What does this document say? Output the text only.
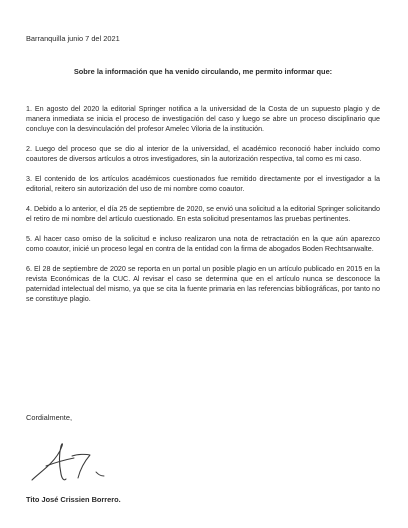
Barranquilla junio 7 del 2021
Sobre la información que ha venido circulando, me permito informar que:

1. En agosto del 2020 la editorial Springer notifica a la universidad de la Costa de un supuesto plagio y de manera inmediata se inicia el proceso de investigación del caso y luego se abre un proceso disciplinario que concluye con la desvinculación del profesor Amelec Viloria de la institución.

2. Luego del proceso que se dio al interior de la universidad, el académico reconoció haber incluido como coautores de diversos artículos a otros investigadores, sin la autorización respectiva, tal como es mi caso.

3. El contenido de los artículos académicos cuestionados fue remitido directamente por el investigador a la editorial, reitero sin autorización del uso de mi nombre como coautor.

4. Debido a lo anterior, el día 25 de septiembre de 2020, se envió una solicitud a la editorial Springer solicitando el retiro de mi nombre del artículo cuestionado. En esta solicitud presentamos las pruebas pertinentes.

5. Al hacer caso omiso de la solicitud e incluso realizaron una nota de retractación en la que aún aparezco como coautor, inicié un proceso legal en contra de la entidad con la firma de abogados Boden Rechtsanwalte.

6. El 28 de septiembre de 2020 se reporta en un portal un posible plagio en un artículo publicado en 2015 en la revista Económicas de la CUC. Al revisar el caso se determina que en el artículo nunca se desconoce la paternidad intelectual del mismo, ya que se cita la fuente primaria en las referencias bibliográficas, por tanto no se constituye plagio.

Cordialmente,
Tito José Crissien Borrero.
